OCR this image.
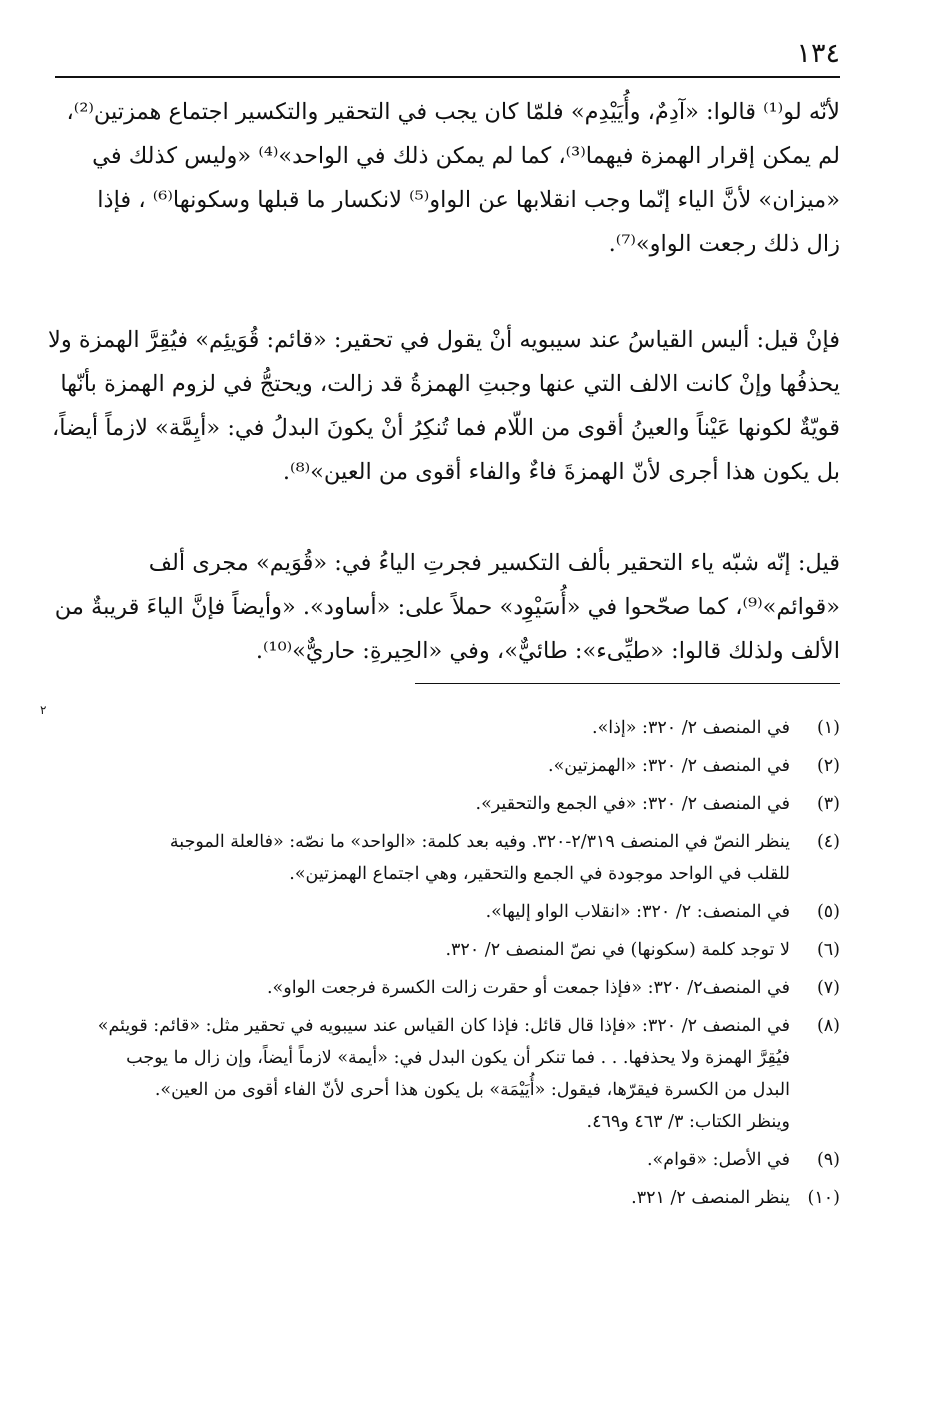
١٣٤

لأنّه لو⁽¹⁾ قالوا: «آدِمٌ، وأُيَيْدِم» فلمّا كان يجب في التحقير والتكسير اجتماع همزتين⁽²⁾،
لم يمكن إقرار الهمزة فيهما⁽³⁾، كما لم يمكن ذلك في الواحد»⁽⁴⁾ «وليس كذلك في
«ميزان» لأنَّ الياء إنّما وجب انقلابها عن الواو⁽⁵⁾ لانكسار ما قبلها وسكونها⁽⁶⁾ ، فإذا
زال ذلك رجعت الواو»⁽⁷⁾.

فإنْ قيل: أليس القياسُ عند سيبويه أنْ يقول في تحقير: «قائم: قُوَيئِم» فيُقِرَّ الهمزة ولا
يحذفُها وإنْ كانت الالف التي عنها وجبتِ الهمزةُ قد زالت، ويحتجُّ في لزوم الهمزة بأنّها
قويّةٌ لكونها عَيْناً والعينُ أقوى من اللّام فما تُنكِرُ أنْ يكونَ البدلُ في: «أيِمَّة» لازماً أيضاً،
بل يكون هذا أجرى لأنّ الهمزةَ فاءٌ والفاء أقوى من العين»⁽⁸⁾.

قيل: إنّه شبّه ياء التحقير بألف التكسير فجرتِ الياءُ في: «قُوَيم» مجرى ألف
«قوائم»⁽⁹⁾، كما صحّحوا في «أُسَيْوِد» حملاً على: «أساود». «وأيضاً فإنَّ الياءَ قريبةٌ من
الألف ولذلك قالوا: «طيِّىء»: طائيٌّ»، وفي «الحِيرةِ: حاريٌّ»⁽¹⁰⁾.

٢
(١)
في المنصف ٢/ ٣٢٠: «إذا».
(٢)
في المنصف ٢/ ٣٢٠: «الهمزتين».
(٣)
في المنصف ٢/ ٣٢٠: «في الجمع والتحقير».
(٤)
ينظر النصّ في المنصف ٢/٣١٩-٣٢٠. وفيه بعد كلمة: «الواحد» ما نصّه: «فالعلة الموجبة
للقلب في الواحد موجودة في الجمع والتحقير، وهي اجتماع الهمزتين».
(٥)
في المنصف: ٢/ ٣٢٠: «انقلاب الواو إليها».
(٦)
لا توجد كلمة (سكونها) في نصّ المنصف ٢/ ٣٢٠.
(٧)
في المنصف٢/ ٣٢٠: «فإذا جمعت أو حقرت زالت الكسرة فرجعت الواو».
(٨)
في المنصف ٢/ ٣٢٠: «فإذا قال قائل: فإذا كان القياس عند سيبويه في تحقير مثل: «قائم: قويئم»
فيُقِرَّ الهمزة ولا يحذفها. . . فما تنكر أن يكون البدل في: «أيمة» لازماً أيضاً، وإن زال ما يوجب
البدل من الكسرة فيقرّها، فيقول: «أُيَيْمَة» بل يكون هذا أحرى لأنّ الفاء أقوى من العين».
وينظر الكتاب: ٣/ ٤٦٣ و٤٦٩.
(٩)
في الأصل: «قوام».
(١٠)
ينظر المنصف ٢/ ٣٢١.
